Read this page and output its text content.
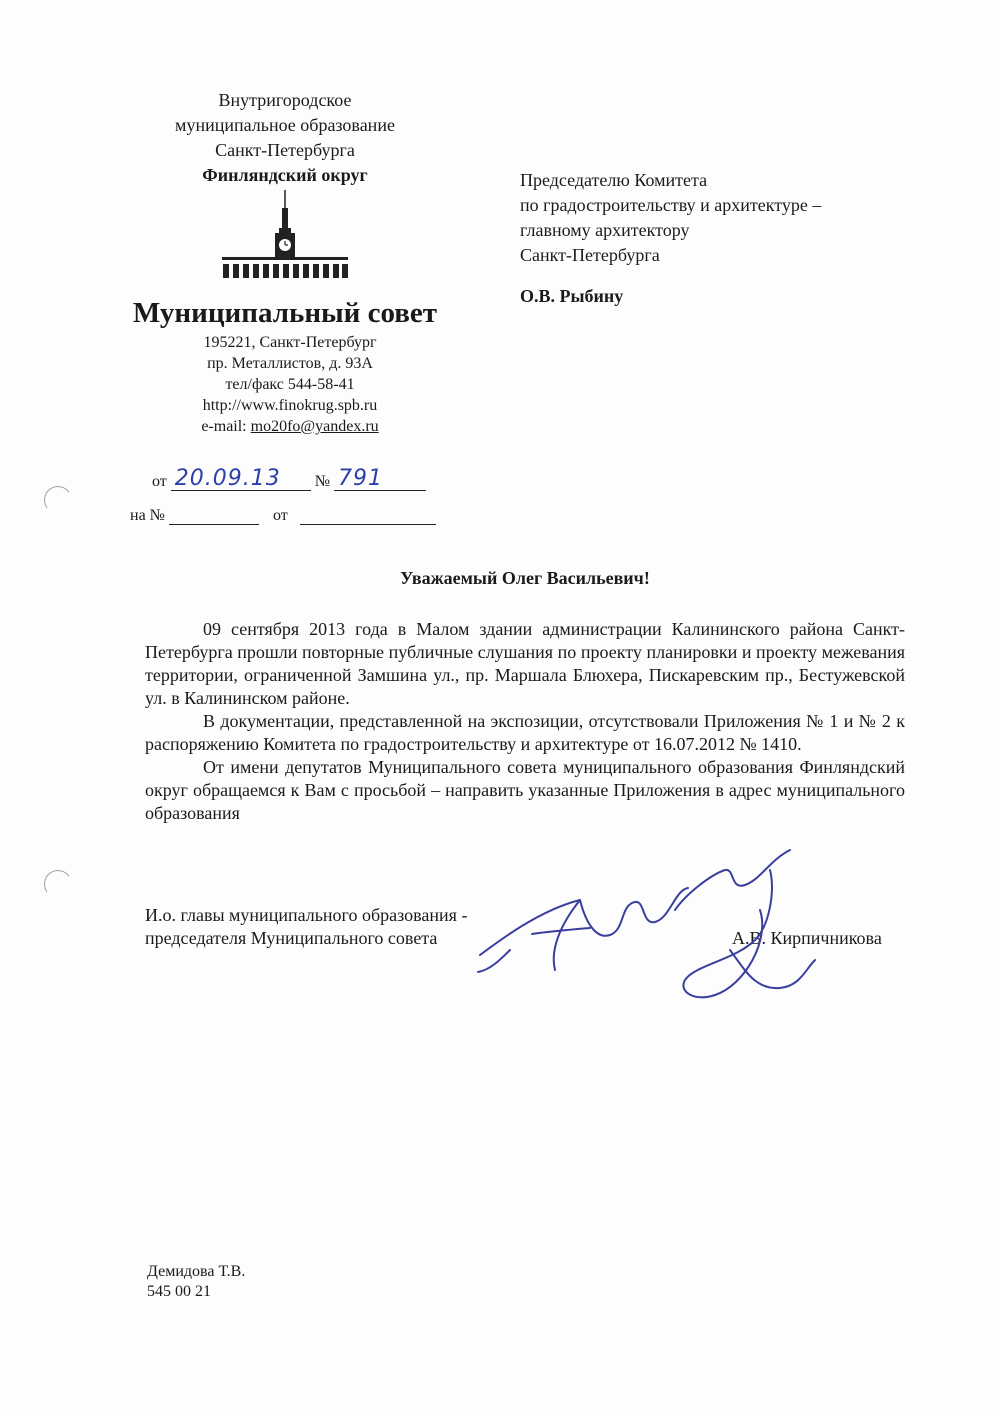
Внутригородское
муниципальное образование
Санкт-Петербурга
Финляндский округ
Муниципальный совет
195221, Санкт-Петербург
пр. Металлистов, д. 93А
тел/факс 544-58-41
http://www.finokrug.spb.ru
e-mail: mo20fo@yandex.ru
Председателю Комитета
по градостроительству и архитектуре –
главному архитектору
Санкт-Петербурга
О.В. Рыбину
от 20.09.13 № 791
на №	от
Уважаемый Олег Васильевич!

09 сентября 2013 года в Малом здании администрации Калининского района Санкт-Петербурга прошли повторные публичные слушания по проекту планировки и проекту межевания территории, ограниченной Замшина ул., пр. Маршала Блюхера, Пискаревским пр., Бестужевской ул. в Калининском районе.

В документации, представленной на экспозиции, отсутствовали Приложения № 1 и № 2 к распоряжению Комитета по градостроительству и архитектуре от 16.07.2012 № 1410.

От имени депутатов Муниципального совета муниципального образования Финляндский округ обращаемся к Вам с просьбой – направить указанные Приложения в адрес муниципального образования

И.о. главы муниципального образования -
председателя Муниципального совета	А.В. Кирпичникова
Демидова Т.В.
545 00 21
